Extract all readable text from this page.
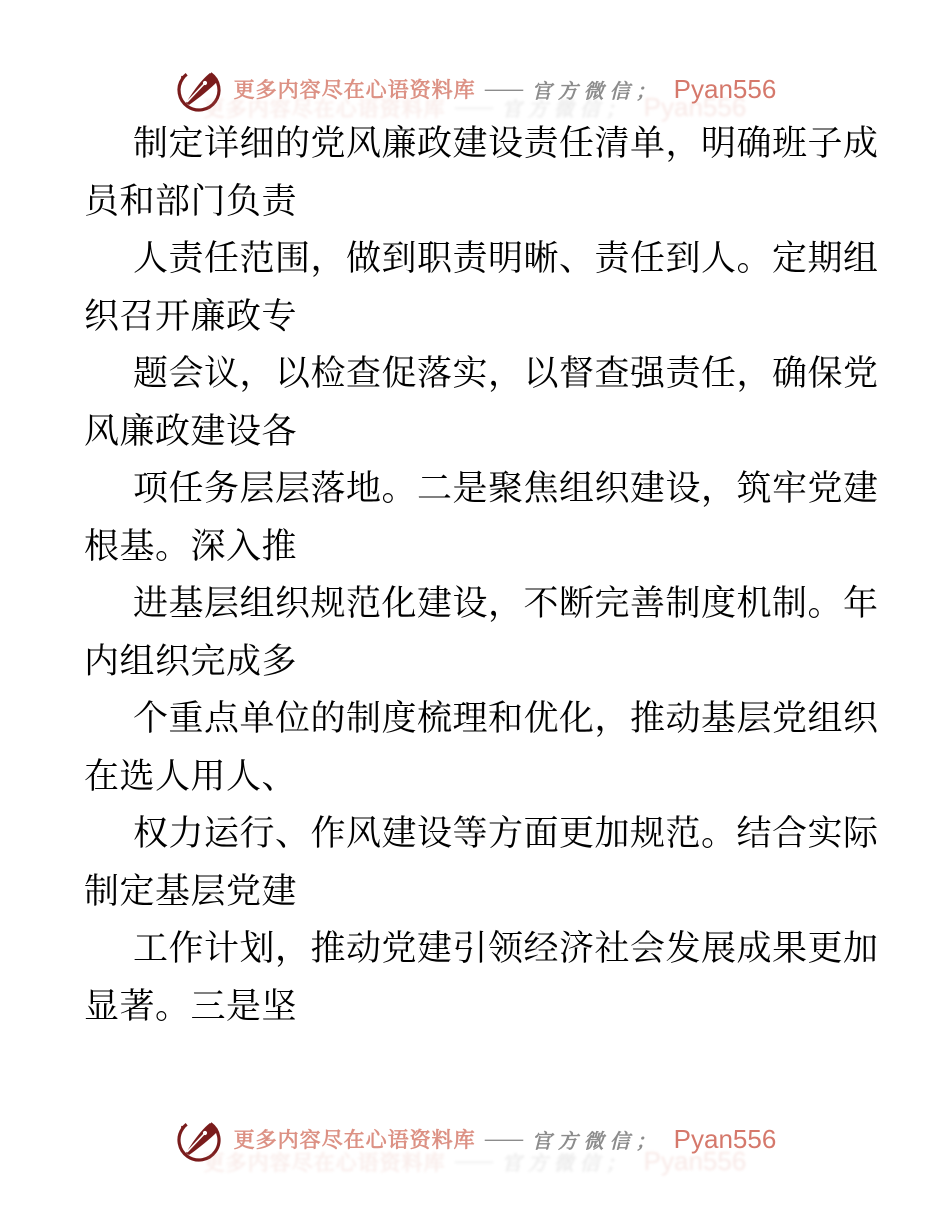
更多内容尽在心语资料库 — 官方微信； Pyan556
更多内容尽在心语资料库 — 官方微信； Pyan556
制定详细的党风廉政建设责任清单，明确班子成
员和部门负责
人责任范围，做到职责明晰、责任到人。定期组
织召开廉政专
题会议，以检查促落实，以督查强责任，确保党
风廉政建设各
项任务层层落地。二是聚焦组织建设，筑牢党建
根基。深入推
进基层组织规范化建设，不断完善制度机制。年
内组织完成多
个重点单位的制度梳理和优化，推动基层党组织
在选人用人、
权力运行、作风建设等方面更加规范。结合实际
制定基层党建
工作计划，推动党建引领经济社会发展成果更加
显著。三是坚
更多内容尽在心语资料库 — 官方微信； Pyan556
更多内容尽在心语资料库 — 官方微信； Pyan556
